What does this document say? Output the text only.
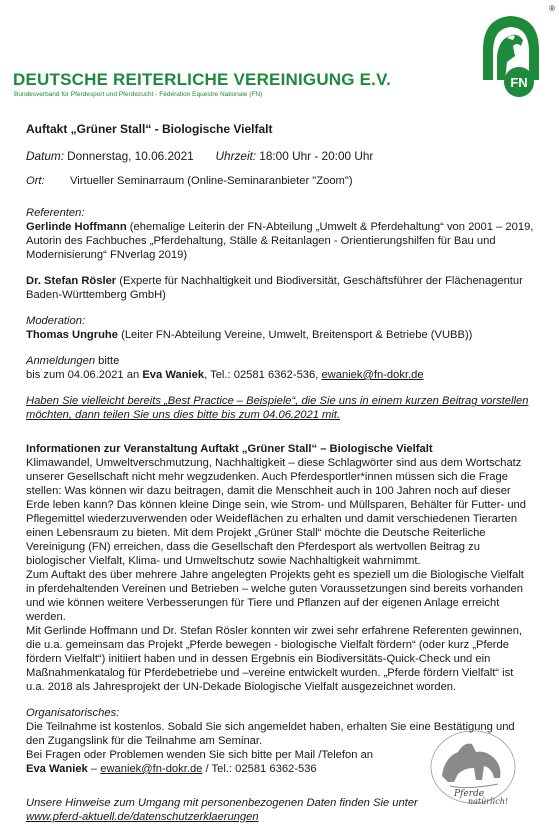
®
FN
DEUTSCHE REITERLICHE VEREINIGUNG E.V.
Bundesverband für Pferdesport und Pferdezucht - Fédération Equestre Nationale (FN)
Auftakt „Grüner Stall“ - Biologische Vielfalt
Datum: Donnerstag, 10.06.2021 Uhrzeit: 18:00 Uhr - 20:00 Uhr
Ort: Virtueller Seminarraum (Online-Seminaranbieter "Zoom")

Referenten:

Gerlinde Hoffmann (ehemalige Leiterin der FN-Abteilung „Umwelt & Pferdehaltung“ von 2001 – 2019,

Autorin des Fachbuches „Pferdehaltung, Ställe & Reitanlagen - Orientierungshilfen für Bau und

Modernisierung“ FNverlag 2019)

Dr. Stefan Rösler (Experte für Nachhaltigkeit und Biodiversität, Geschäftsführer der Flächenagentur

Baden-Württemberg GmbH)

Moderation:

Thomas Ungruhe (Leiter FN-Abteilung Vereine, Umwelt, Breitensport & Betriebe (VUBB))

Anmeldungen bitte

bis zum 04.06.2021 an Eva Waniek, Tel.: 02581 6362-536, ewaniek@fn-dokr.de

Haben Sie vielleicht bereits „Best Practice – Beispiele“, die Sie uns in einem kurzen Beitrag vorstellen

möchten, dann teilen Sie uns dies bitte bis zum 04.06.2021 mit.

Informationen zur Veranstaltung Auftakt „Grüner Stall“ – Biologische Vielfalt

Klimawandel, Umweltverschmutzung, Nachhaltigkeit – diese Schlagwörter sind aus dem Wortschatz

unserer Gesellschaft nicht mehr wegzudenken. Auch Pferdesportler*innen müssen sich die Frage

stellen: Was können wir dazu beitragen, damit die Menschheit auch in 100 Jahren noch auf dieser

Erde leben kann? Das können kleine Dinge sein, wie Strom- und Müllsparen, Behälter für Futter- und

Pflegemittel wiederzuverwenden oder Weideflächen zu erhalten und damit verschiedenen Tierarten

einen Lebensraum zu bieten. Mit dem Projekt „Grüner Stall“ möchte die Deutsche Reiterliche

Vereinigung (FN) erreichen, dass die Gesellschaft den Pferdesport als wertvollen Beitrag zu

biologischer Vielfalt, Klima- und Umweltschutz sowie Nachhaltigkeit wahrnimmt.

Zum Auftakt des über mehrere Jahre angelegten Projekts geht es speziell um die Biologische Vielfalt

in pferdehaltenden Vereinen und Betrieben – welche guten Voraussetzungen sind bereits vorhanden

und wie können weitere Verbesserungen für Tiere und Pflanzen auf der eigenen Anlage erreicht

werden.

Mit Gerlinde Hoffmann und Dr. Stefan Rösler konnten wir zwei sehr erfahrene Referenten gewinnen,

die u.a. gemeinsam das Projekt „Pferde bewegen - biologische Vielfalt fördern“ (oder kurz „Pferde

fördern Vielfalt“) initiiert haben und in dessen Ergebnis ein Biodiversitäts-Quick-Check und ein

Maßnahmenkatalog für Pferdebetriebe und –vereine entwickelt wurden. „Pferde fördern Vielfalt“ ist

u.a. 2018 als Jahresprojekt der UN-Dekade Biologische Vielfalt ausgezeichnet worden.

Organisatorisches:

Die Teilnahme ist kostenlos. Sobald Sie sich angemeldet haben, erhalten Sie eine Bestätigung und

den Zugangslink für die Teilnahme am Seminar.

Bei Fragen oder Problemen wenden Sie sich bitte per Mail /Telefon an

Eva Waniek – ewaniek@fn-dokr.de / Tel.: 02581 6362-536

Unsere Hinweise zum Umgang mit personenbezogenen Daten finden Sie unter

www.pferd-aktuell.de/datenschutzerklaerungen

Pferde
natürlich!
